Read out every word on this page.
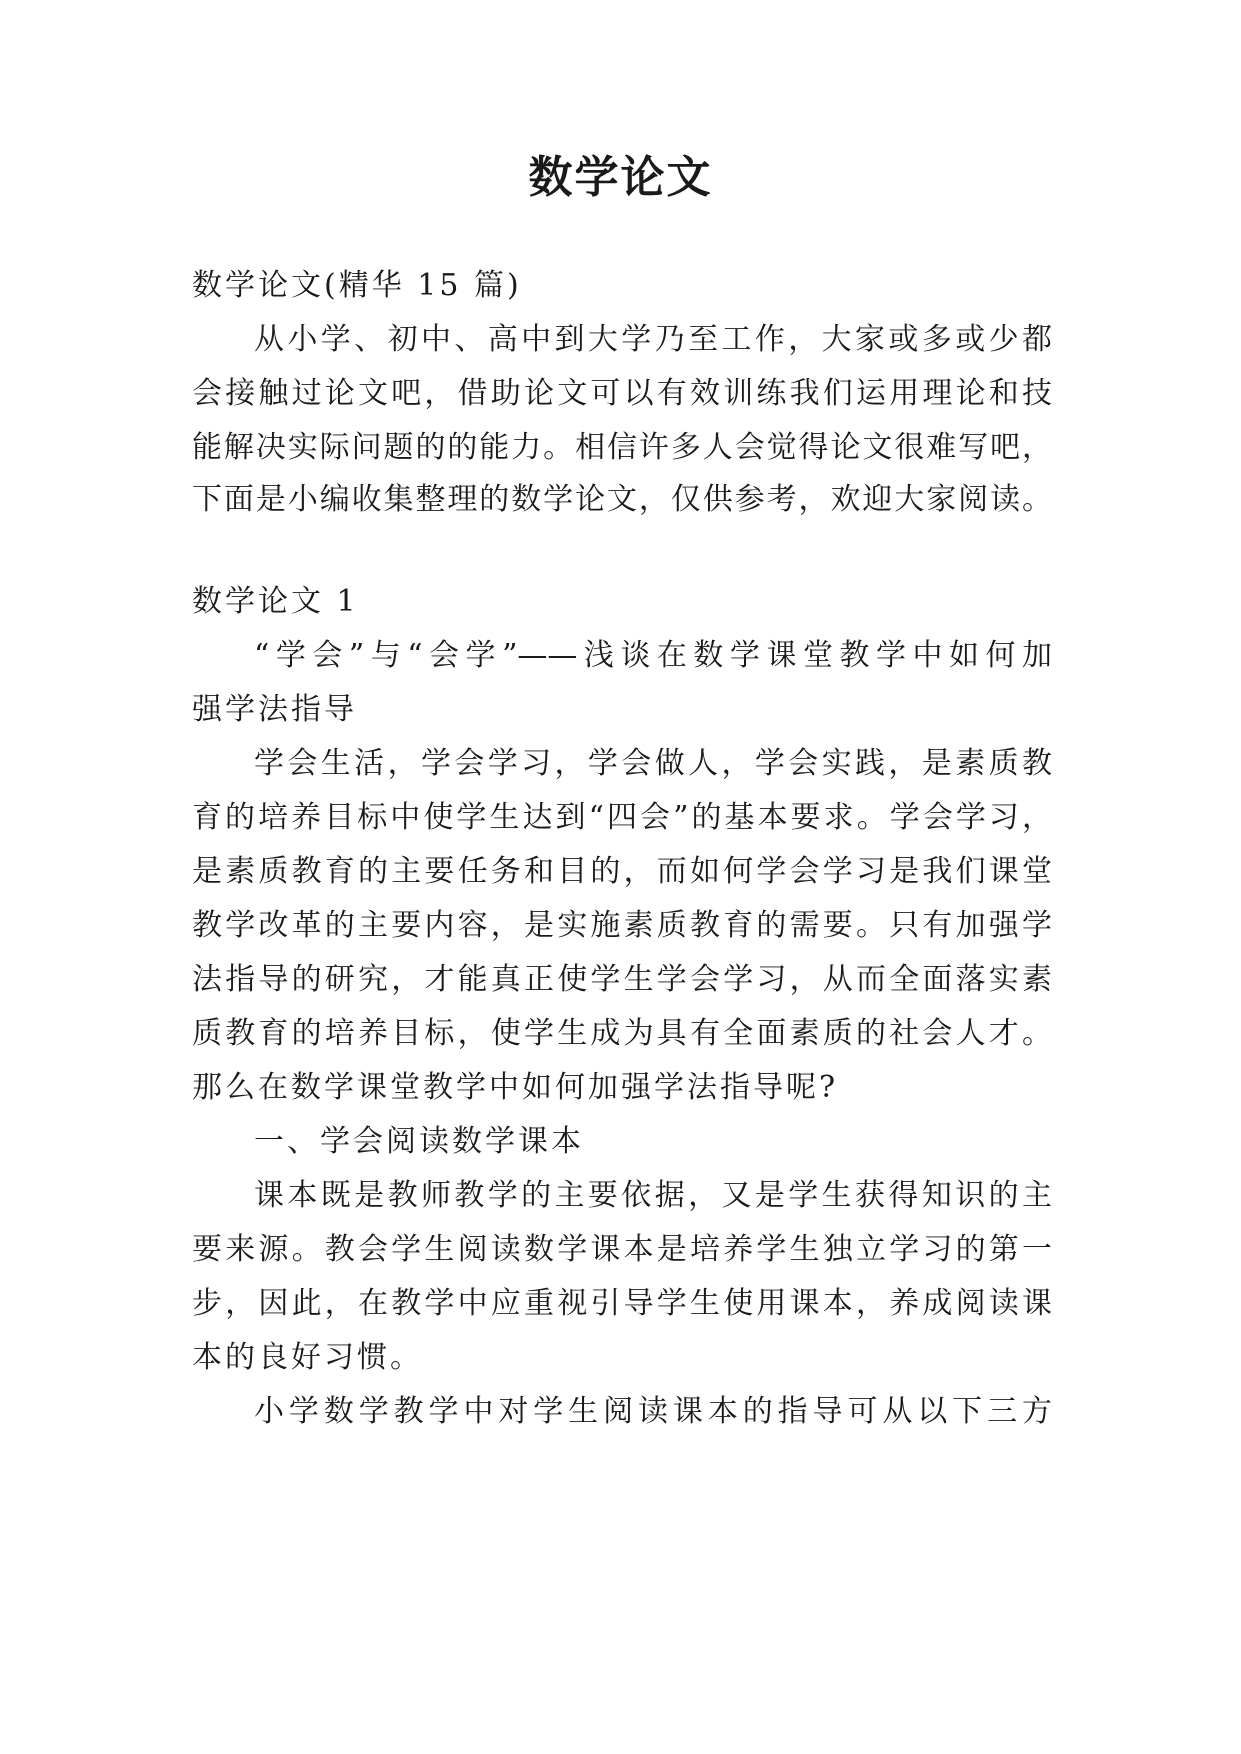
数学论文
数学论文(精华 15 篇)
从小学、初中、高中到大学乃至工作，大家或多或少都
会接触过论文吧，借助论文可以有效训练我们运用理论和技
能解决实际问题的的能力。相信许多人会觉得论文很难写吧，
下面是小编收集整理的数学论文，仅供参考，欢迎大家阅读。
数学论文 1
“学会”与“会学”——浅谈在数学课堂教学中如何加
强学法指导
学会生活，学会学习，学会做人，学会实践，是素质教
育的培养目标中使学生达到“四会”的基本要求。学会学习，
是素质教育的主要任务和目的，而如何学会学习是我们课堂
教学改革的主要内容，是实施素质教育的需要。只有加强学
法指导的研究，才能真正使学生学会学习，从而全面落实素
质教育的培养目标，使学生成为具有全面素质的社会人才。
那么在数学课堂教学中如何加强学法指导呢?
一、学会阅读数学课本
课本既是教师教学的主要依据，又是学生获得知识的主
要来源。教会学生阅读数学课本是培养学生独立学习的第一
步，因此，在教学中应重视引导学生使用课本，养成阅读课
本的良好习惯。
小学数学教学中对学生阅读课本的指导可从以下三方
